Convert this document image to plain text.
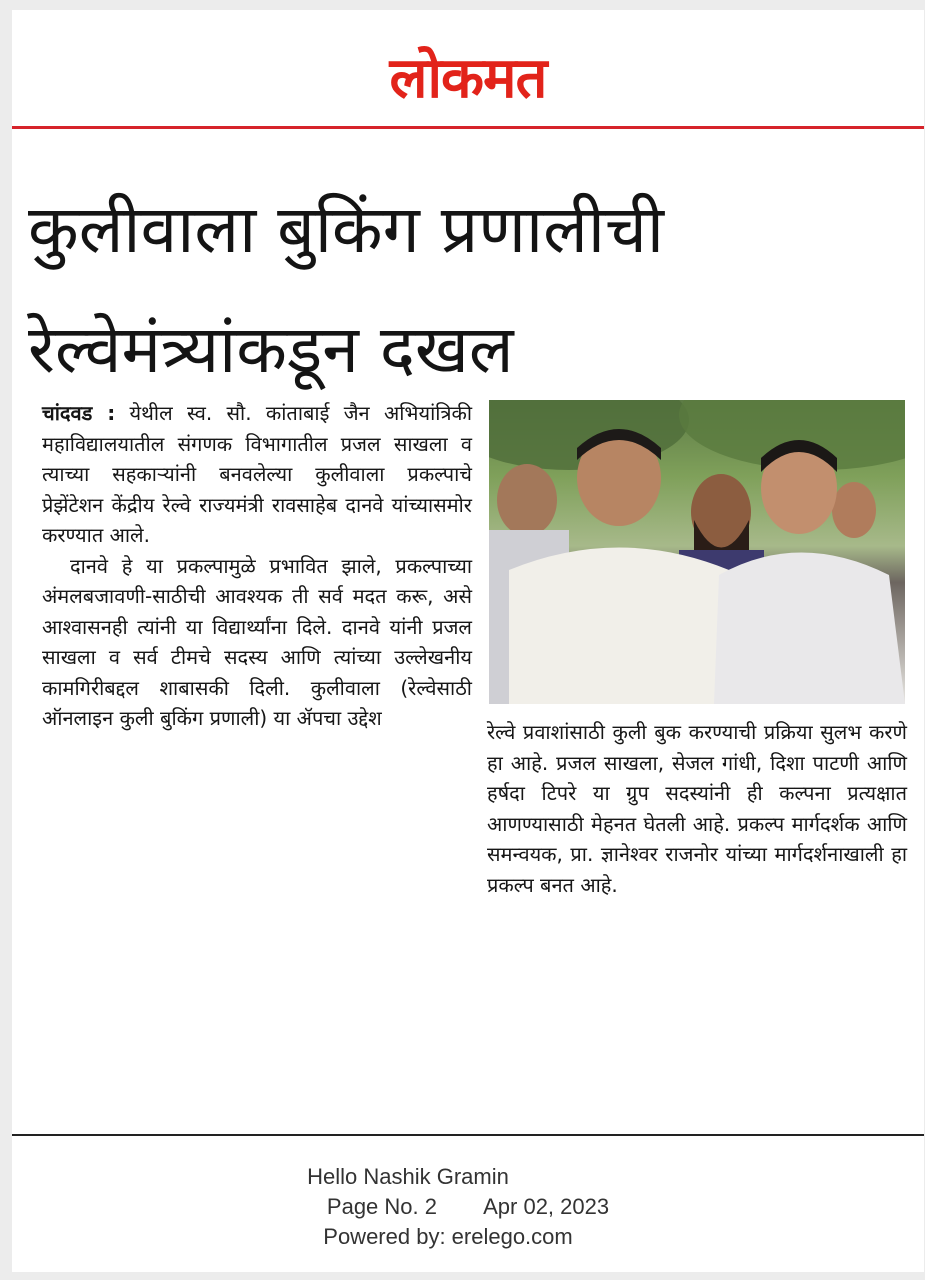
लोकमत
कुलीवाला बुकिंग प्रणालीची
रेल्वेमंत्र्यांकडून दखल

चांदवड : येथील स्व. सौ. कांताबाई जैन अभियांत्रिकी महाविद्यालयातील संगणक विभागातील प्रजल साखला व त्याच्या सहकाऱ्यांनी बनवलेल्या कुलीवाला प्रकल्पाचे प्रेझेंटेशन केंद्रीय रेल्वे राज्यमंत्री रावसाहेब दानवे यांच्यासमोर करण्यात आले.

दानवे हे या प्रकल्पामुळे प्रभावित झाले, प्रकल्पाच्या अंमलबजावणी-साठीची आवश्यक ती सर्व मदत करू, असे आश्वासनही त्यांनी या विद्यार्थ्यांना दिले. दानवे यांनी प्रजल साखला व सर्व टीमचे सदस्य आणि त्यांच्या उल्लेखनीय कामगिरीबद्दल शाबासकी दिली. कुलीवाला (रेल्वेसाठी ऑनलाइन कुली बुकिंग प्रणाली) या ॲपचा उद्देश

रेल्वे प्रवाशांसाठी कुली बुक करण्याची प्रक्रिया सुलभ करणे हा आहे. प्रजल साखला, सेजल गांधी, दिशा पाटणी आणि हर्षदा टिपरे या ग्रुप सदस्यांनी ही कल्पना प्रत्यक्षात आणण्यासाठी मेहनत घेतली आहे. प्रकल्प मार्गदर्शक आणि समन्वयक, प्रा. ज्ञानेश्वर राजनोर यांच्या मार्गदर्शनाखाली हा प्रकल्प बनत आहे.

Hello Nashik Gramin
Page No. 2 Apr 02, 2023
Powered by: erelego.com
